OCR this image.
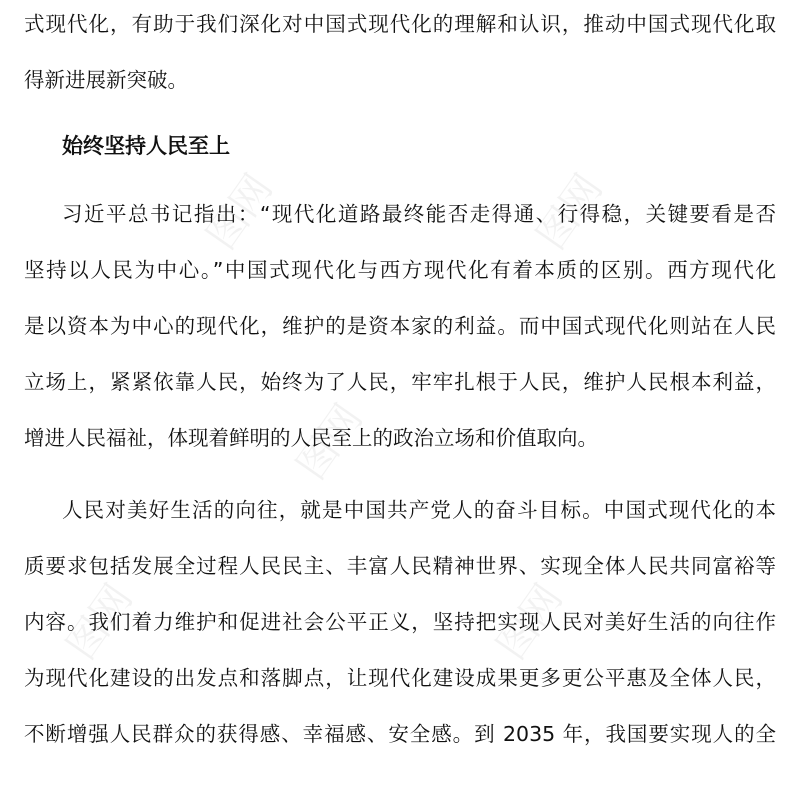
图网	图网
图网
图网	图网
式现代化，有助于我们深化对中国式现代化的理解和认识，推动中国式现代化取
得新进展新突破。
始终坚持人民至上
习近平总书记指出：“现代化道路最终能否走得通、行得稳，关键要看是否
坚持以人民为中心。”中国式现代化与西方现代化有着本质的区别。西方现代化
是以资本为中心的现代化，维护的是资本家的利益。而中国式现代化则站在人民
立场上，紧紧依靠人民，始终为了人民，牢牢扎根于人民，维护人民根本利益，
增进人民福祉，体现着鲜明的人民至上的政治立场和价值取向。
人民对美好生活的向往，就是中国共产党人的奋斗目标。中国式现代化的本
质要求包括发展全过程人民民主、丰富人民精神世界、实现全体人民共同富裕等
内容。我们着力维护和促进社会公平正义，坚持把实现人民对美好生活的向往作
为现代化建设的出发点和落脚点，让现代化建设成果更多更公平惠及全体人民，
不断增强人民群众的获得感、幸福感、安全感。到 2035 年，我国要实现人的全
